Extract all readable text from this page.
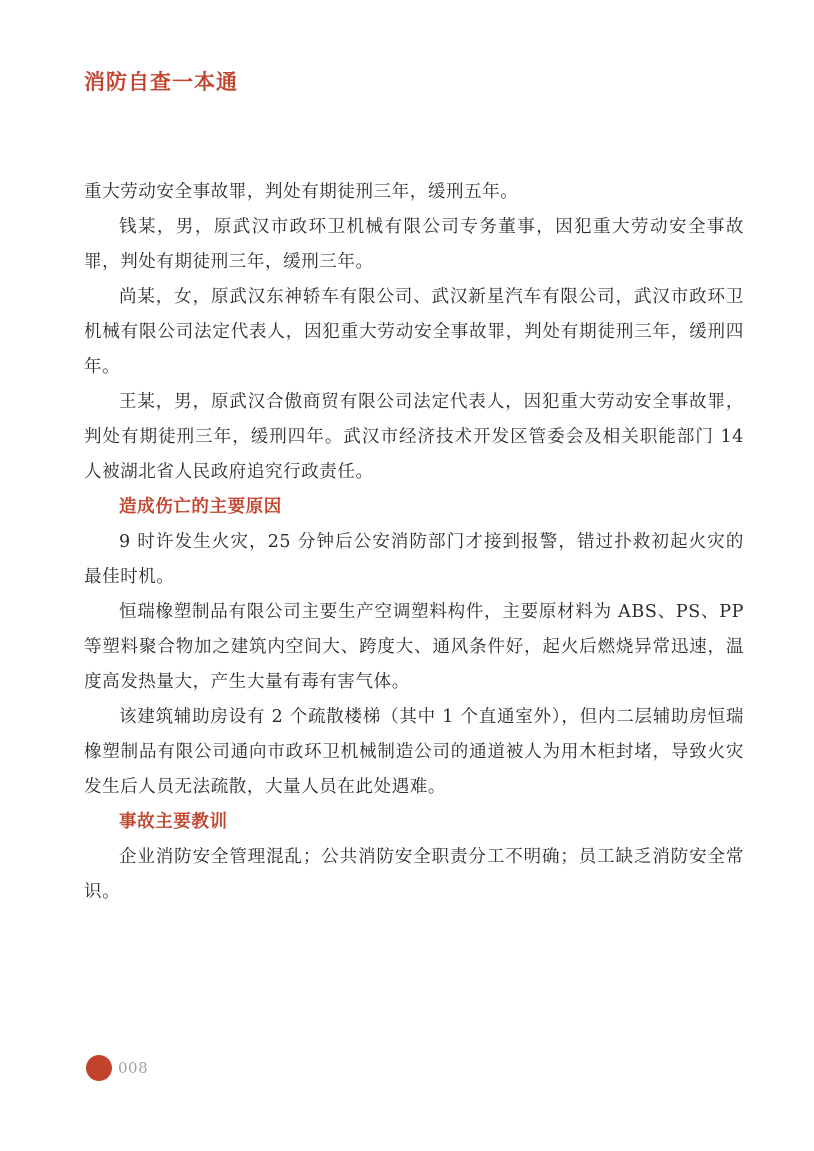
消防自查一本通

重大劳动安全事故罪，判处有期徒刑三年，缓刑五年。

钱某，男，原武汉市政环卫机械有限公司专务董事，因犯重大劳动安全事故罪，判处有期徒刑三年，缓刑三年。

尚某，女，原武汉东神轿车有限公司、武汉新星汽车有限公司，武汉市政环卫机械有限公司法定代表人，因犯重大劳动安全事故罪，判处有期徒刑三年，缓刑四年。

王某，男，原武汉合傲商贸有限公司法定代表人，因犯重大劳动安全事故罪，判处有期徒刑三年，缓刑四年。武汉市经济技术开发区管委会及相关职能部门 14 人被湖北省人民政府追究行政责任。

造成伤亡的主要原因

9 时许发生火灾，25 分钟后公安消防部门才接到报警，错过扑救初起火灾的最佳时机。

恒瑞橡塑制品有限公司主要生产空调塑料构件，主要原材料为 ABS、PS、PP 等塑料聚合物加之建筑内空间大、跨度大、通风条件好，起火后燃烧异常迅速，温度高发热量大，产生大量有毒有害气体。

该建筑辅助房设有 2 个疏散楼梯（其中 1 个直通室外），但内二层辅助房恒瑞橡塑制品有限公司通向市政环卫机械制造公司的通道被人为用木柜封堵，导致火灾发生后人员无法疏散，大量人员在此处遇难。

事故主要教训

企业消防安全管理混乱；公共消防安全职责分工不明确；员工缺乏消防安全常识。

008
